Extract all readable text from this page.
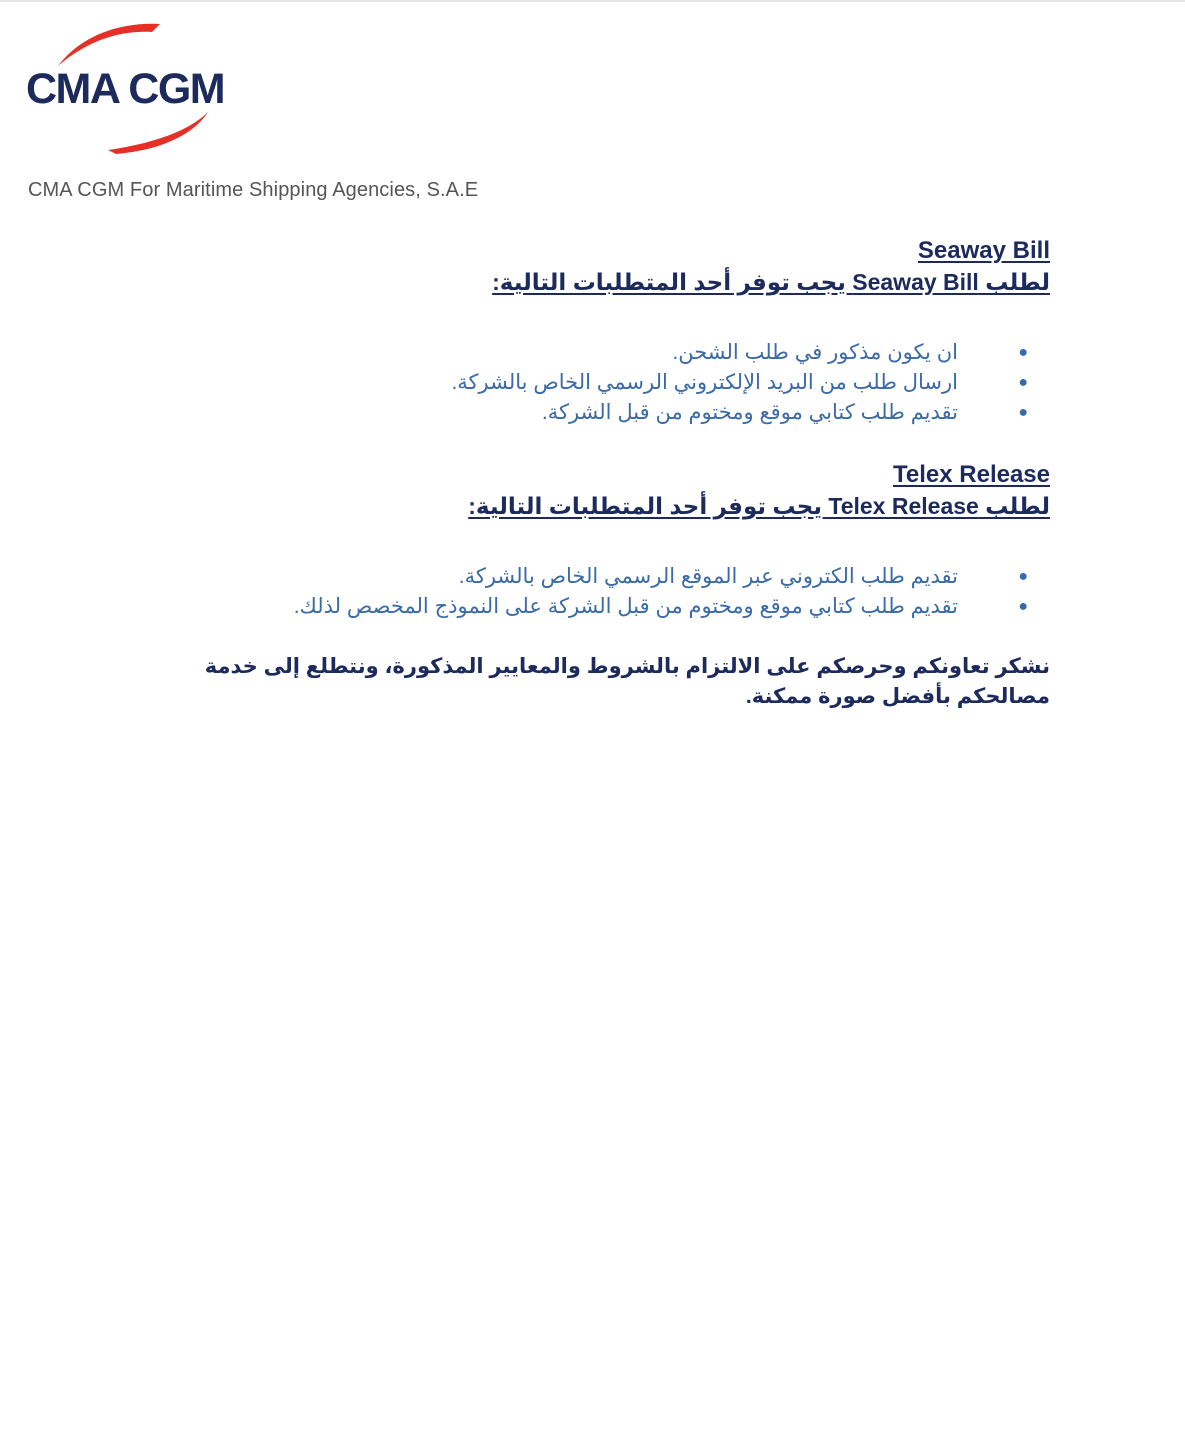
CMA CGM
CMA CGM For Maritime Shipping Agencies, S.A.E
Seaway Bill
لطلب Seaway Bill يجب توفر أحد المتطلبات التالية:
●
ان يكون مذكور في طلب الشحن.
●
ارسال طلب من البريد الإلكتروني الرسمي الخاص بالشركة.
●
تقديم طلب كتابي موقع ومختوم من قبل الشركة.
Telex Release
لطلب Telex Release يجب توفر أحد المتطلبات التالية:
●
تقديم طلب الكتروني عبر الموقع الرسمي الخاص بالشركة.
●
تقديم طلب كتابي موقع ومختوم من قبل الشركة على النموذج المخصص لذلك.
نشكر تعاونكم وحرصكم على الالتزام بالشروط والمعايير المذكورة، ونتطلع إلى خدمة مصالحكم بأفضل صورة ممكنة.
